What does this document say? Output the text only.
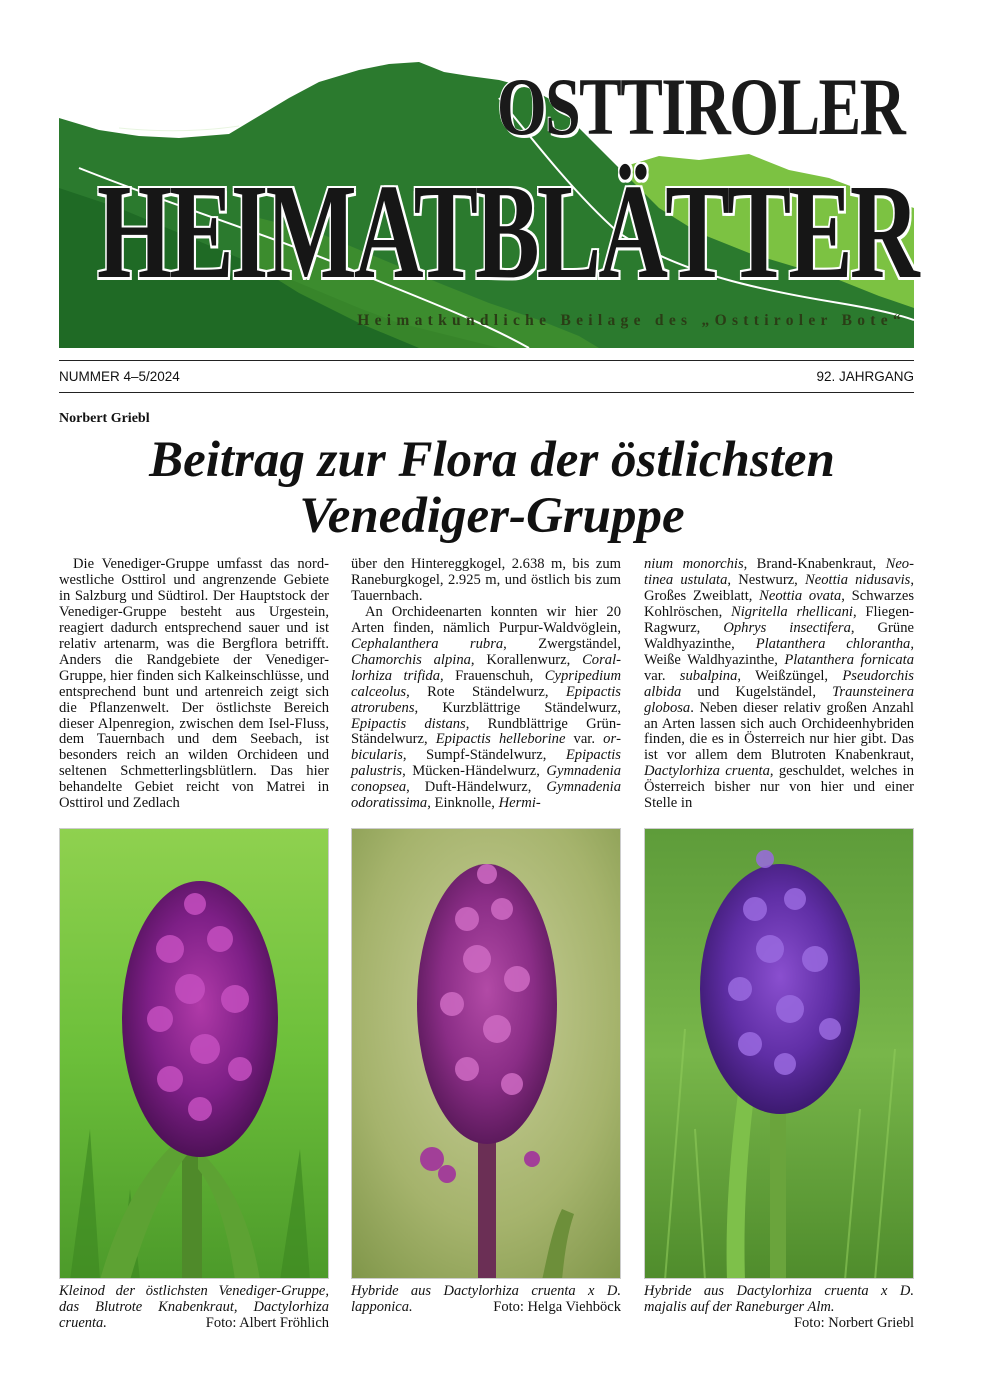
OSTTIROLER
HEIMATBLÄTTER
Heimatkundliche Beilage des „Osttiroler Bote“
NUMMER 4–5/2024	92. JAHRGANG
Norbert Griebl
Beitrag zur Flora der östlichsten
Venediger-Gruppe

Die Venediger-Gruppe umfasst das nordwestliche Osttirol und angrenzende Gebiete in Salzburg und Südtirol. Der Hauptstock der Venediger-Gruppe besteht aus Urgestein, reagiert dadurch entsprechend sauer und ist relativ artenarm, was die Bergflora betrifft. Anders die Randgebiete der Venediger-Gruppe, hier finden sich Kalkeinschlüsse, und entsprechend bunt und artenreich zeigt sich die Pflanzenwelt. Der östlichste Bereich dieser Alpenregion, zwischen dem Isel-Fluss, dem Tauernbach und dem Seebach, ist besonders reich an wilden Orchideen und seltenen Schmetterlingsblütlern. Das hier behandelte Gebiet reicht von Matrei in Osttirol und Zedlach

über den Hintereggkogel, 2.638 m, bis zum Raneburgkogel, 2.925 m, und östlich bis zum Tauernbach.

An Orchideenarten konnten wir hier 20 Arten finden, nämlich Purpur-Waldvöglein, Cephalanthera rubra, Zwergständel, Chamorchis alpina, Korallenwurz, Corallorhiza trifida, Frauenschuh, Cypripedium calceolus, Rote Ständelwurz, Epipactis atrorubens, Kurzblättrige Ständelwurz, Epipactis distans, Rundblättrige GrünStändelwurz, Epipactis helleborine var. orbicularis, Sumpf-Ständelwurz, Epipactis palustris, Mücken-Händelwurz, Gymnadenia conopsea, Duft-Händelwurz, Gymnadenia odoratissima, Einknolle, Hermi-

nium monorchis, Brand-Knabenkraut, Neotinea ustulata, Nestwurz, Neottia nidusavis, Großes Zweiblatt, Neottia ovata, Schwarzes Kohlröschen, Nigritella rhellicani, Fliegen-Ragwurz, Ophrys insectifera, Grüne Waldhyazinthe, Platanthera chlorantha, Weiße Waldhyazinthe, Platanthera fornicata var. subalpina, Weißzüngel, Pseudorchis albida und Kugelständel, Traunsteinera globosa. Neben dieser relativ großen Anzahl an Arten lassen sich auch Orchideenhybriden finden, die es in Österreich nur hier gibt. Das ist vor allem dem Blutroten Knabenkraut, Dactylorhiza cruenta, geschuldet, welches in Österreich bisher nur von hier und einer Stelle in

Kleinod der östlichsten Venediger-Gruppe, das Blutrote Knabenkraut, Dactylorhiza cruenta.	Foto: Albert Fröhlich
Hybride aus Dactylorhiza cruenta x D. lapponica.	Foto: Helga Viehböck
Hybride aus Dactylorhiza cruenta x D. majalis auf der Raneburger Alm.
Foto: Norbert Griebl
